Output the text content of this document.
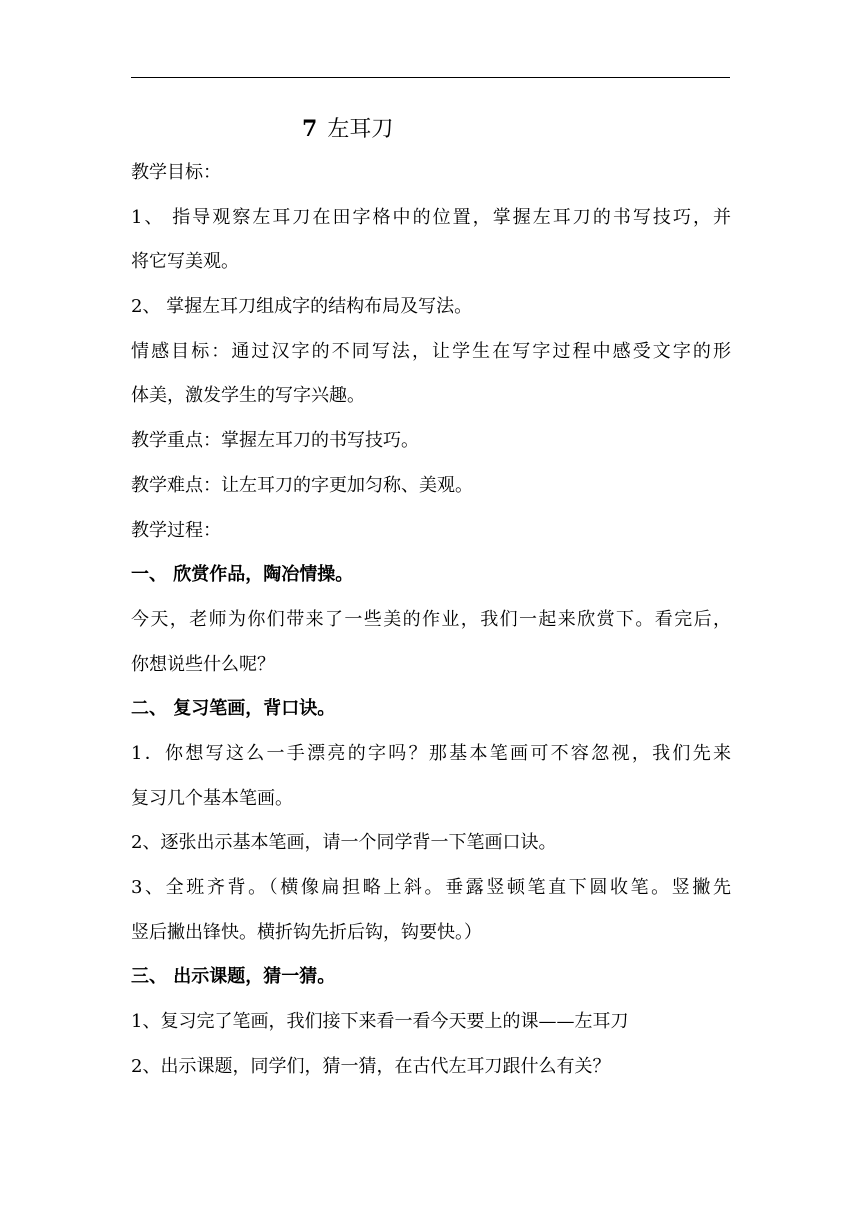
7 左耳刀
教学目标：
1、 指导观察左耳刀在田字格中的位置，掌握左耳刀的书写技巧，并
将它写美观。
2、 掌握左耳刀组成字的结构布局及写法。
情感目标：通过汉字的不同写法，让学生在写字过程中感受文字的形
体美，激发学生的写字兴趣。
教学重点：掌握左耳刀的书写技巧。
教学难点：让左耳刀的字更加匀称、美观。
教学过程：
一、 欣赏作品，陶冶情操。
今天，老师为你们带来了一些美的作业，我们一起来欣赏下。看完后，
你想说些什么呢？
二、 复习笔画，背口诀。
1．你想写这么一手漂亮的字吗？那基本笔画可不容忽视，我们先来
复习几个基本笔画。
2、逐张出示基本笔画，请一个同学背一下笔画口诀。
3、全班齐背。（横像扁担略上斜。垂露竖顿笔直下圆收笔。竖撇先
竖后撇出锋快。横折钩先折后钩，钩要快。）
三、 出示课题，猜一猜。
1、复习完了笔画，我们接下来看一看今天要上的课——左耳刀
2、出示课题，同学们，猜一猜，在古代左耳刀跟什么有关？
